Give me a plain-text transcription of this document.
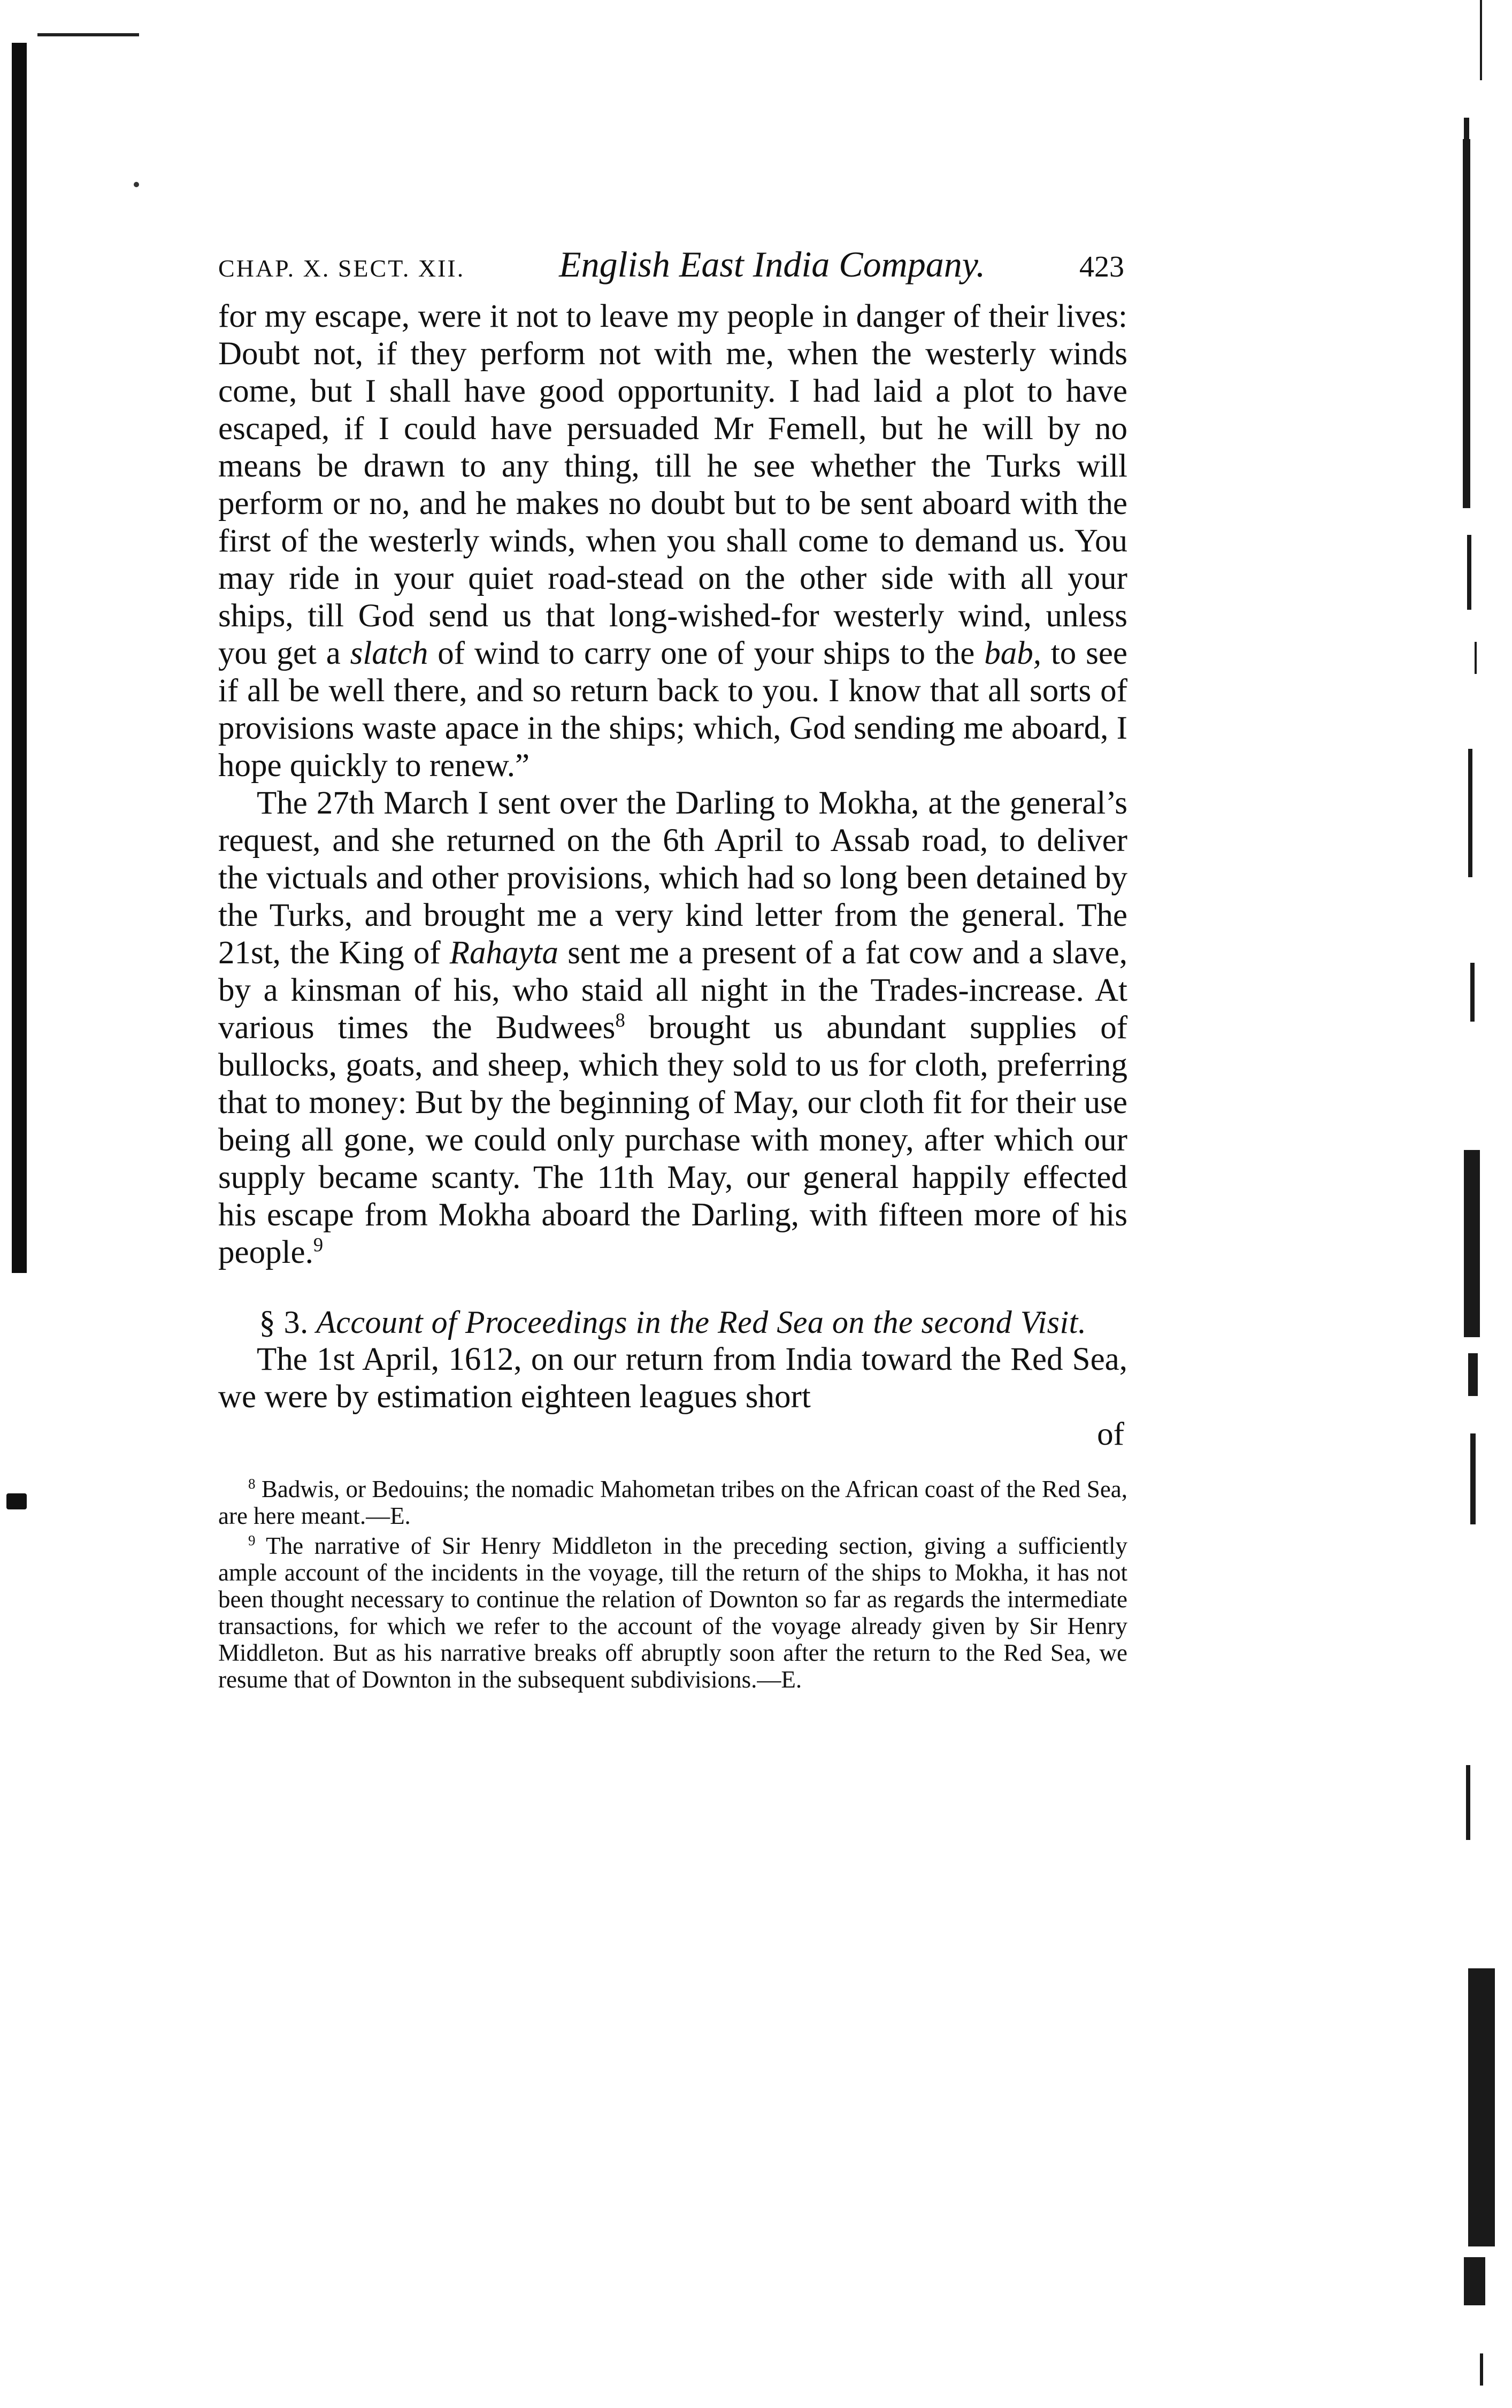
CHAP. X. SECT. XII.	English East India Company.	423

for my escape, were it not to leave my people in danger of their lives: Doubt not, if they perform not with me, when the westerly winds come, but I shall have good opportunity. I had laid a plot to have escaped, if I could have persuaded Mr Femell, but he will by no means be drawn to any thing, till he see whether the Turks will perform or no, and he makes no doubt but to be sent aboard with the first of the westerly winds, when you shall come to demand us. You may ride in your quiet road-stead on the other side with all your ships, till God send us that long-wished-for westerly wind, unless you get a slatch of wind to carry one of your ships to the bab, to see if all be well there, and so return back to you. I know that all sorts of provisions waste apace in the ships; which, God sending me aboard, I hope quickly to renew.”

The 27th March I sent over the Darling to Mokha, at the general’s request, and she returned on the 6th April to Assab road, to deliver the victuals and other provisions, which had so long been detained by the Turks, and brought me a very kind letter from the general. The 21st, the King of Rahayta sent me a present of a fat cow and a slave, by a kinsman of his, who staid all night in the Trades-increase. At various times the Budwees$^8$ brought us abundant supplies of bullocks, goats, and sheep, which they sold to us for cloth, preferring that to money: But by the beginning of May, our cloth fit for their use being all gone, we could only purchase with money, after which our supply became scanty. The 11th May, our general happily effected his escape from Mokha aboard the Darling, with fifteen more of his people.$^9$

§ 3. Account of Proceedings in the Red Sea on the second Visit.

The 1st April, 1612, on our return from India toward the Red Sea, we were by estimation eighteen leagues short

of

$^8$ Badwis, or Bedouins; the nomadic Mahometan tribes on the African coast of the Red Sea, are here meant.—E.

$^9$ The narrative of Sir Henry Middleton in the preceding section, giving a sufficiently ample account of the incidents in the voyage, till the return of the ships to Mokha, it has not been thought necessary to continue the relation of Downton so far as regards the intermediate transactions, for which we refer to the account of the voyage already given by Sir Henry Middleton. But as his narrative breaks off abruptly soon after the return to the Red Sea, we resume that of Downton in the subsequent subdivisions.—E.
